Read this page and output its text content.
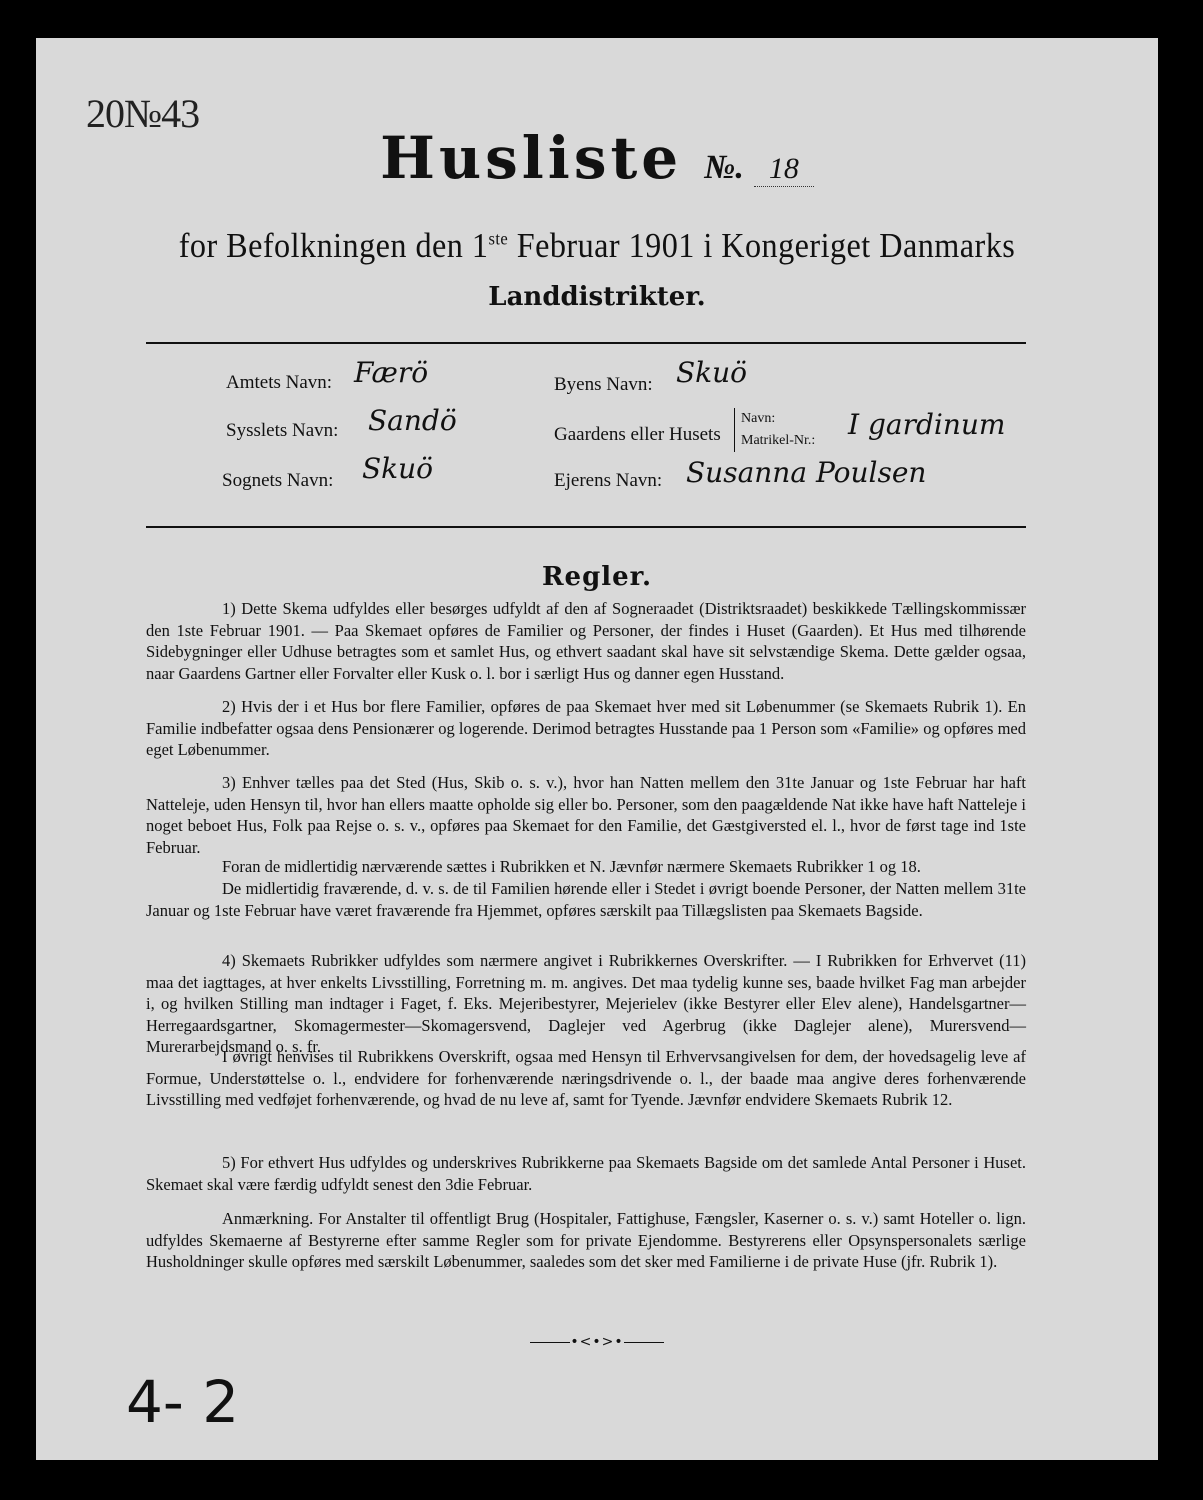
20№43
Husliste №. 18
for Befolkningen den 1ste Februar 1901 i Kongeriget Danmarks
Landdistrikter.
Amtets Navn: Færö
Sysslets Navn: Sandö
Sognets Navn: Skuö
Byens Navn: Skuö
Gaardens eller Husets
Navn:
Matrikel-Nr.: I gardinum
Ejerens Navn: Susanna Poulsen
Regler.
1) Dette Skema udfyldes eller besørges udfyldt af den af Sogneraadet (Distriktsraadet) beskikkede Tællingskommissær den 1ste Februar 1901. — Paa Skemaet opføres de Familier og Personer, der findes i Huset (Gaarden). Et Hus med tilhørende Sidebygninger eller Udhuse betragtes som et samlet Hus, og ethvert saadant skal have sit selvstændige Skema. Dette gælder ogsaa, naar Gaardens Gartner eller Forvalter eller Kusk o. l. bor i særligt Hus og danner egen Husstand.
2) Hvis der i et Hus bor flere Familier, opføres de paa Skemaet hver med sit Løbenummer (se Skemaets Rubrik 1). En Familie indbefatter ogsaa dens Pensionærer og logerende. Derimod betragtes Husstande paa 1 Person som «Familie» og opføres med eget Løbenummer.
3) Enhver tælles paa det Sted (Hus, Skib o. s. v.), hvor han Natten mellem den 31te Januar og 1ste Februar har haft Natteleje, uden Hensyn til, hvor han ellers maatte opholde sig eller bo. Personer, som den paagældende Nat ikke have haft Natteleje i noget beboet Hus, Folk paa Rejse o. s. v., opføres paa Skemaet for den Familie, det Gæstgiversted el. l., hvor de først tage ind 1ste Februar.
Foran de midlertidig nærværende sættes i Rubrikken et N. Jævnfør nærmere Skemaets Rubrikker 1 og 18.
De midlertidig fraværende, d. v. s. de til Familien hørende eller i Stedet i øvrigt boende Personer, der Natten mellem 31te Januar og 1ste Februar have været fraværende fra Hjemmet, opføres særskilt paa Tillægslisten paa Skemaets Bagside.
4) Skemaets Rubrikker udfyldes som nærmere angivet i Rubrikkernes Overskrifter. — I Rubrikken for Erhvervet (11) maa det iagttages, at hver enkelts Livsstilling, Forretning m. m. angives. Det maa tydelig kunne ses, baade hvilket Fag man arbejder i, og hvilken Stilling man indtager i Faget, f. Eks. Mejeribestyrer, Mejerielev (ikke Bestyrer eller Elev alene), Handelsgartner—Herregaardsgartner, Skomagermester—Skomagersvend, Daglejer ved Agerbrug (ikke Daglejer alene), Murersvend—Murerarbejdsmand o. s. fr.
I øvrigt henvises til Rubrikkens Overskrift, ogsaa med Hensyn til Erhvervsangivelsen for dem, der hovedsagelig leve af Formue, Understøttelse o. l., endvidere for forhenværende næringsdrivende o. l., der baade maa angive deres forhenværende Livsstilling med vedføjet forhenværende, og hvad de nu leve af, samt for Tyende. Jævnfør endvidere Skemaets Rubrik 12.
5) For ethvert Hus udfyldes og underskrives Rubrikkerne paa Skemaets Bagside om det samlede Antal Personer i Huset. Skemaet skal være færdig udfyldt senest den 3die Februar.
Anmærkning. For Anstalter til offentligt Brug (Hospitaler, Fattighuse, Fængsler, Kaserner o. s. v.) samt Hoteller o. lign. udfyldes Skemaerne af Bestyrerne efter samme Regler som for private Ejendomme. Bestyrerens eller Opsynspersonalets særlige Husholdninger skulle opføres med særskilt Løbenummer, saaledes som det sker med Familierne i de private Huse (jfr. Rubrik 1).
•<•>•
4- 2
